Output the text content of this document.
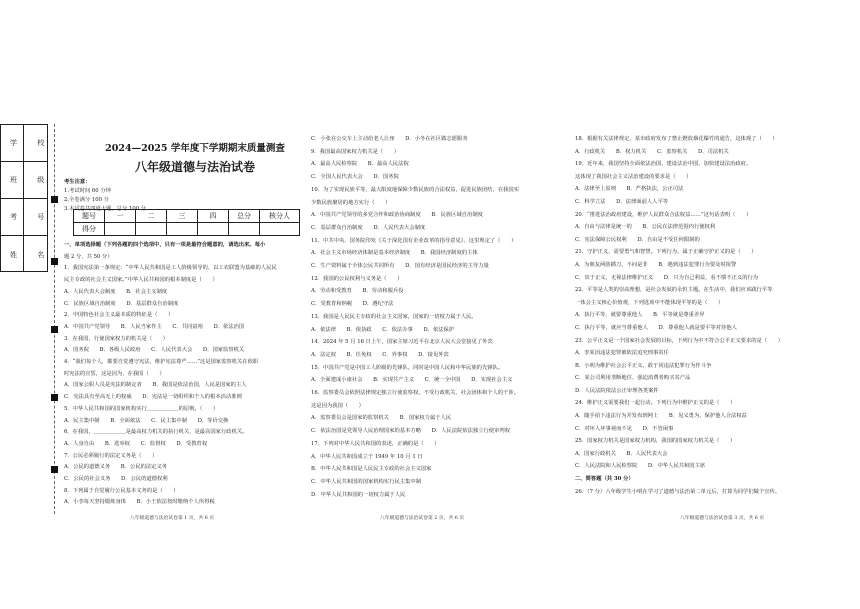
学 校
班 级
考 号
姓 名
2024—2025 学年度下学期期末质量测查
八年级道德与法治试卷
考生注意：
1.考试时间 60 分钟
2.全卷满分 100 分
3.本试卷共四道大题，总分 100 分
题号	一	二	三	四	总分	核分人
得分						
一、单项选择题（下列各题的四个选项中，只有一项是最符合题意的，请选出来。每小
题 2 分，共 50 分）
1．我国宪法第一条规定：“中华人民共和国是工人阶级领导的、以工农联盟为基础的人民民
民主专政的社会主义国家。”中华人民共和国的根本制度是（　　）
A．人民代表大会制度　　B．社会主义制度
C．民族区域自治制度　　D．基层群众自治制度
2．中国特色社会主义最本质的特征是（　　）
A．中国共产党领导　　B．人民当家作主　　C．共同富裕　　D．依法治国
3．在我国，行使国家权力的机关是（　　）
A．国务院　　B．各级人民政府　　C．人民代表大会　　D．国家监察机关
4．“我们每个人，都要自觉遵守宪法，维护宪法尊严……”这是国家监察机关在依职
时宪法的宣誓，这是因为，在我国（　　）
A．国家公职人员是宪法的制定者　　B．我国是依法治国，人民是国家的主人
C．宪法具有至高无上的权威　　D．宪法是一切组织和个人的根本活动准则
5．中华人民共和国的国家机构实行＿＿＿＿＿＿的原则。（　　）
A．民主集中制　　B．全面依法　　C．民主集中制　　D．等价交换
6．在我国，＿＿＿＿＿＿是最高权力机关的执行机关，是最高国家行政机关。
A．人身自由　　B．选举权　　C．监督权　　D．受教育权
7．公民必须履行的法定义务是（　　）
A．公民的道德义务　　B．公民的法定义务
C．公民的社会义务　　D．公民的道德权利
8．下列属于自觉履行公民基本义务的是（　　）
A．小李每天坚持锻炼身体　　B．小王依法按时缴纳个人所得税
C．小张在公交车上主动给老人让座　　D．小冬在社区做志愿服务
9．我国最高国家权力机关是（　　）
A．最高人民检察院　　B．最高人民法院
C．全国人民代表大会　　D．国务院
10．为了实现民族平等，最大限度地保障少数民族的合法权益，促进民族团结，在我国实
少数民族聚居的地方实行（　　）
A．中国共产党领导的多党合作和政治协商制度　　B．民族区域自治制度
C．基层群众自治制度　　D．人民代表大会制度
11．中共中央、国务院印发《关于深化国有企业改革的指导意见》，这里规定了（　　）
A．社会主义市场经济体制是基本经济制度　　B．我国经济制度的主体
C．生产资料属于全体公民共同所有　　D．国有经济是国民经济的主导力量
12．我国的公民权利与义务是（　　）
A．劳动和受教育　　B．劳动和服兵役
C．受教育和纳税　　D．遵纪守法
13．我国是人民民主专政的社会主义国家，国家的一切权力属于人民。
A．依法律　　B．依执政　　C．依法办事　　D．依法保护
14．2024 年 5 月 16 日上午，国家主席习近平在北京人民大会堂接见了外宾
A．法定权　　B．任免权　　C．外事权　　D．接见外宾
15．中国共产党是中国工人阶级的先锋队，同时是中国人民和中华民族的先锋队。
A．全面建成小康社会　　B．实现共产主义　　C．统一全中国　　D．实现社会主义
16．监察委员会依照法律规定独立行使监察权，不受行政机关、社会团体和个人的干涉。
这是因为我国（　　）
A．监察委员会是国家的监察机关　　B．国家权力属于人民
C．依法治国是党领导人民治理国家的基本方略　　D．人民法院依法独立行使审判权
17．下列对中华人民共和国的表述，正确的是（　　）
A．中华人民共和国成立于 1949 年 10 月 1 日
B．中华人民共和国是人民民主专政的社会主义国家
C．中华人民共和国的国家机构实行民主集中制
D．中华人民共和国的一切权力属于人民
18．根据有关法律规定，某市政府发布了禁止燃放烟花爆竹的通告，这体现了（　　）
A．行政机关　　B．权力机关　　C．监察机关　　D．司法机关
19．近年来，我国坚持全面依法治国，建设法治中国，加快建设法治政府。
这体现了我国社会主义法治建设的要求是（　　）
A．法律至上原则　　B．严格执法，公正司法
C．科学立法　　D．法律面前人人平等
20．“推进法治政府建设，维护人民群众合法权益……”这句话表明（　　）
A．自由与法律是统一的　　B．公民在法律范围内行使权利
C．宪法保障公民权利　　D．自由是不受任何限制的
21．守护正义，需要勇气和智慧。下列行为，属于正确守护正义的是（　　）
A．为朋友两肋插刀，不问是非　　B．遇到违法犯罪行为要及时报警
C．出于正义，无视法律维护正义　　D．只为自己利益，看不惯不正义的行为
22．平等是人类的崇高理想，是社会发展的永恒主题。在生活中，我们应该践行平等
一体会主义核心价值观，下列选项中不能体现平等的是（　　）
A．执行平等，就要尊重他人　　B．平等就是尊重差异
C．执行平等，就应当尊重他人　　D．尊重他人就是要平等对待他人
23．公平正义是一个国家社会发展的目标，下列行为中不符合公平正义要求的是（　　）
A．李某因违法犯罪被依法追究刑事责任
B．小明为维护社会公平正义，敢于同违法犯罪行为作斗争
C．某公司利用垄断地位，强迫消费者购买其产品
D．人民法院依法公正审理各类案件
24．维护正义需要我们一起行动。下列行为中维护正义的是（　　）
A．随手拍下违法行为并发布到网上　　B．见义勇为，保护他人合法权益
C．对坏人坏事视而不见　　D．不管闲事
25．国家权力机关是国家权力机构，我国的国家权力机关是（　　）
A．国家行政机关　　B．人民代表大会
C．人民法院和人民检察院　　D．中华人民共和国主席
二、简答题（共 30 分）
26．（7 分）八年级学生小明在学习了道德与法治第二单元后，打算为同学们做个宣传。
八年级道德与法治试卷第 1 页，共 6 页	八年级道德与法治试卷第 2 页，共 6 页	八年级道德与法治试卷第 3 页，共 6 页
